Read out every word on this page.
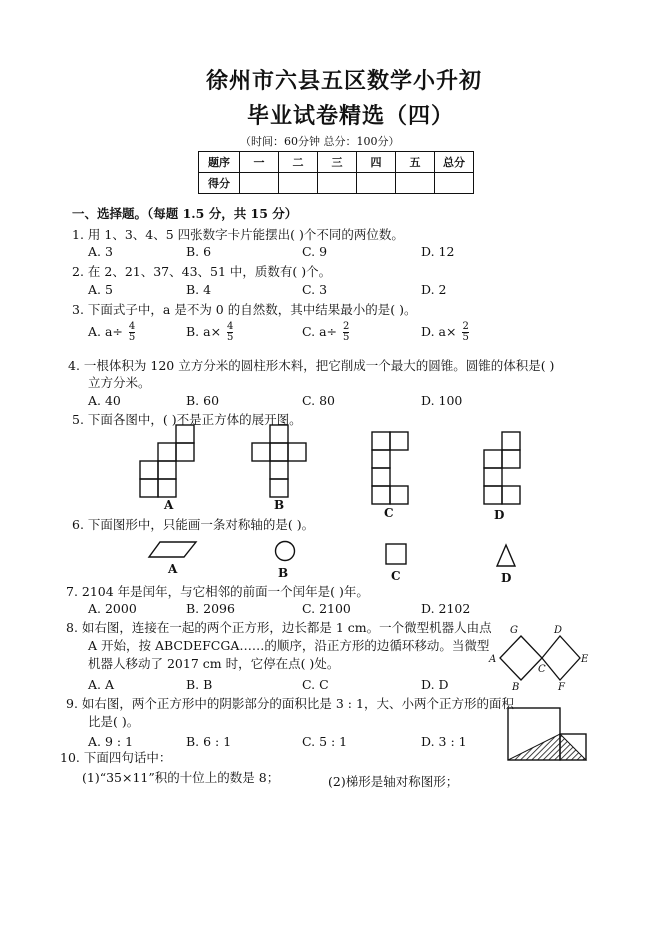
徐州市六县五区数学小升初
毕业试卷精选（四）
（时间：60分钟 总分：100分）
题序	一	二	三	四	五	总分
得分						
一、选择题。（每题 1.5 分，共 15 分）
1. 用 1、3、4、5 四张数字卡片能摆出( )个不同的两位数。
A. 3	B. 6	C. 9	D. 12
2. 在 2、21、37、43、51 中，质数有( )个。
A. 5	B. 4	C. 3	D. 2
3. 下面式子中，a 是不为 0 的自然数，其中结果最小的是( )。
A. $a\div \frac{4}{5}$	B. $a\times \frac{4}{5}$	C. $a\div \frac{2}{5}$	D. $a\times \frac{2}{5}$
4. 一根体积为 120 立方分米的圆柱形木料，把它削成一个最大的圆锥。圆锥的体积是( )
立方分米。
A. 40	B. 60	C. 80	D. 100
5. 下面各图中，( )不是正方体的展开图。
A	B
C	D
6. 下面图形中，只能画一条对称轴的是( )。
A	B	C	D
7. 2104 年是闰年，与它相邻的前面一个闰年是( )年。
A. 2000	B. 2096	C. 2100	D. 2102
8. 如右图，连接在一起的两个正方形，边长都是 1 cm。一个微型机器人由点
A 开始，按 ABCDEFCGA……的顺序，沿正方形的边循环移动。当微型
机器人移动了 2017 cm 时，它停在点( )处。
A. A	B. B	C. C	D. D
G	D
A
C
E
B	F
9. 如右图，两个正方形中的阴影部分的面积比是 3 : 1，大、小两个正方形的面积
比是( )。
A. 9 : 1	B. 6 : 1	C. 5 : 1	D. 3 : 1
10. 下面四句话中：
(1)“35×11”积的十位上的数是 8；	(2)梯形是轴对称图形；
